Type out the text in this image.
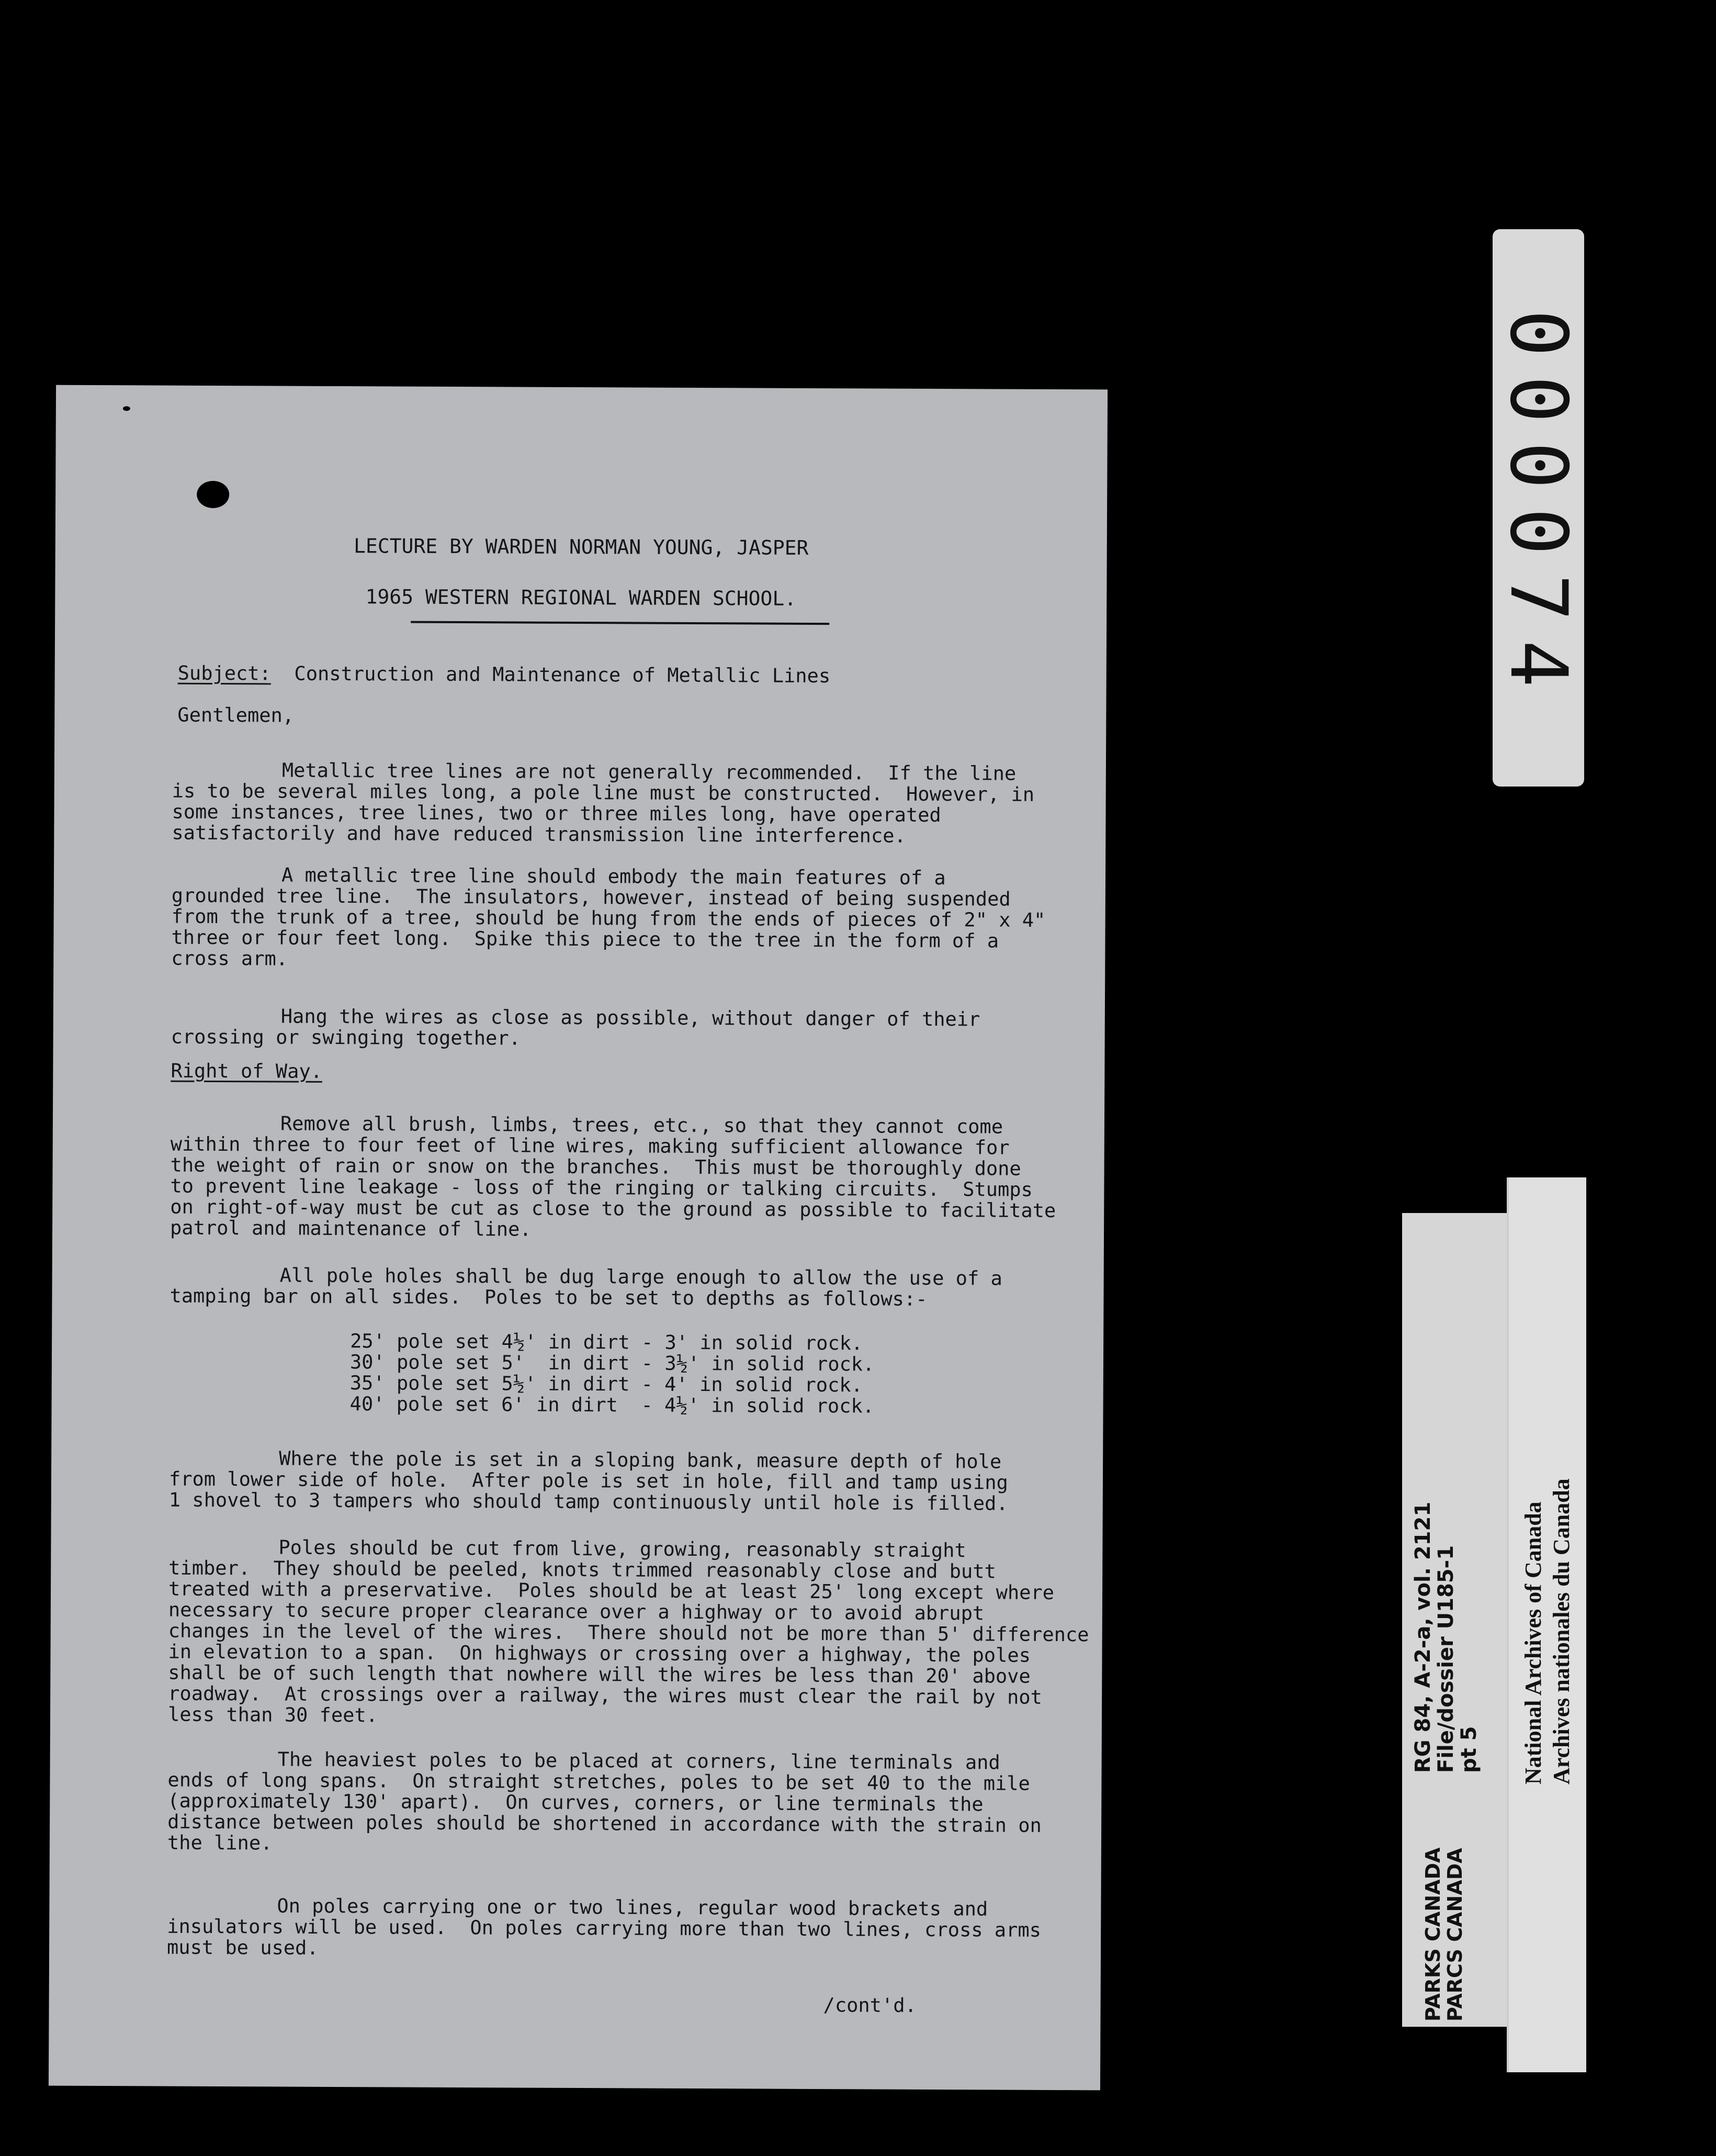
LECTURE BY WARDEN NORMAN YOUNG, JASPER
1965 WESTERN REGIONAL WARDEN SCHOOL.
Subject: Construction and Maintenance of Metallic Lines
Gentlemen,
Metallic tree lines are not generally recommended.  If the line
is to be several miles long, a pole line must be constructed.  However, in
some instances, tree lines, two or three miles long, have operated
satisfactorily and have reduced transmission line interference.
A metallic tree line should embody the main features of a
grounded tree line.  The insulators, however, instead of being suspended
from the trunk of a tree, should be hung from the ends of pieces of 2" x 4"
three or four feet long.  Spike this piece to the tree in the form of a
cross arm.
Hang the wires as close as possible, without danger of their
crossing or swinging together.
Right of Way.
Remove all brush, limbs, trees, etc., so that they cannot come
within three to four feet of line wires, making sufficient allowance for
the weight of rain or snow on the branches.  This must be thoroughly done
to prevent line leakage - loss of the ringing or talking circuits.  Stumps
on right-of-way must be cut as close to the ground as possible to facilitate
patrol and maintenance of line.
All pole holes shall be dug large enough to allow the use of a
tamping bar on all sides.  Poles to be set to depths as follows:-
25' pole set 4½' in dirt - 3' in solid rock.
30' pole set 5'  in dirt - 3½' in solid rock.
35' pole set 5½' in dirt - 4' in solid rock.
40' pole set 6' in dirt  - 4½' in solid rock.
Where the pole is set in a sloping bank, measure depth of hole
from lower side of hole.  After pole is set in hole, fill and tamp using
1 shovel to 3 tampers who should tamp continuously until hole is filled.
Poles should be cut from live, growing, reasonably straight
timber.  They should be peeled, knots trimmed reasonably close and butt
treated with a preservative.  Poles should be at least 25' long except where
necessary to secure proper clearance over a highway or to avoid abrupt
changes in the level of the wires.  There should not be more than 5' difference
in elevation to a span.  On highways or crossing over a highway, the poles
shall be of such length that nowhere will the wires be less than 20' above
roadway.  At crossings over a railway, the wires must clear the rail by not
less than 30 feet.
The heaviest poles to be placed at corners, line terminals and
ends of long spans.  On straight stretches, poles to be set 40 to the mile
(approximately 130' apart).  On curves, corners, or line terminals the
distance between poles should be shortened in accordance with the strain on
the line.
On poles carrying one or two lines, regular wood brackets and
insulators will be used.  On poles carrying more than two lines, cross arms
must be used.
/cont'd.
000074
RG 84, A-2-a, vol. 2121
File/dossier U185-1
pt 5
PARKS CANADA
PARCS CANADA
National Archives of Canada Archives nationales du Canada
